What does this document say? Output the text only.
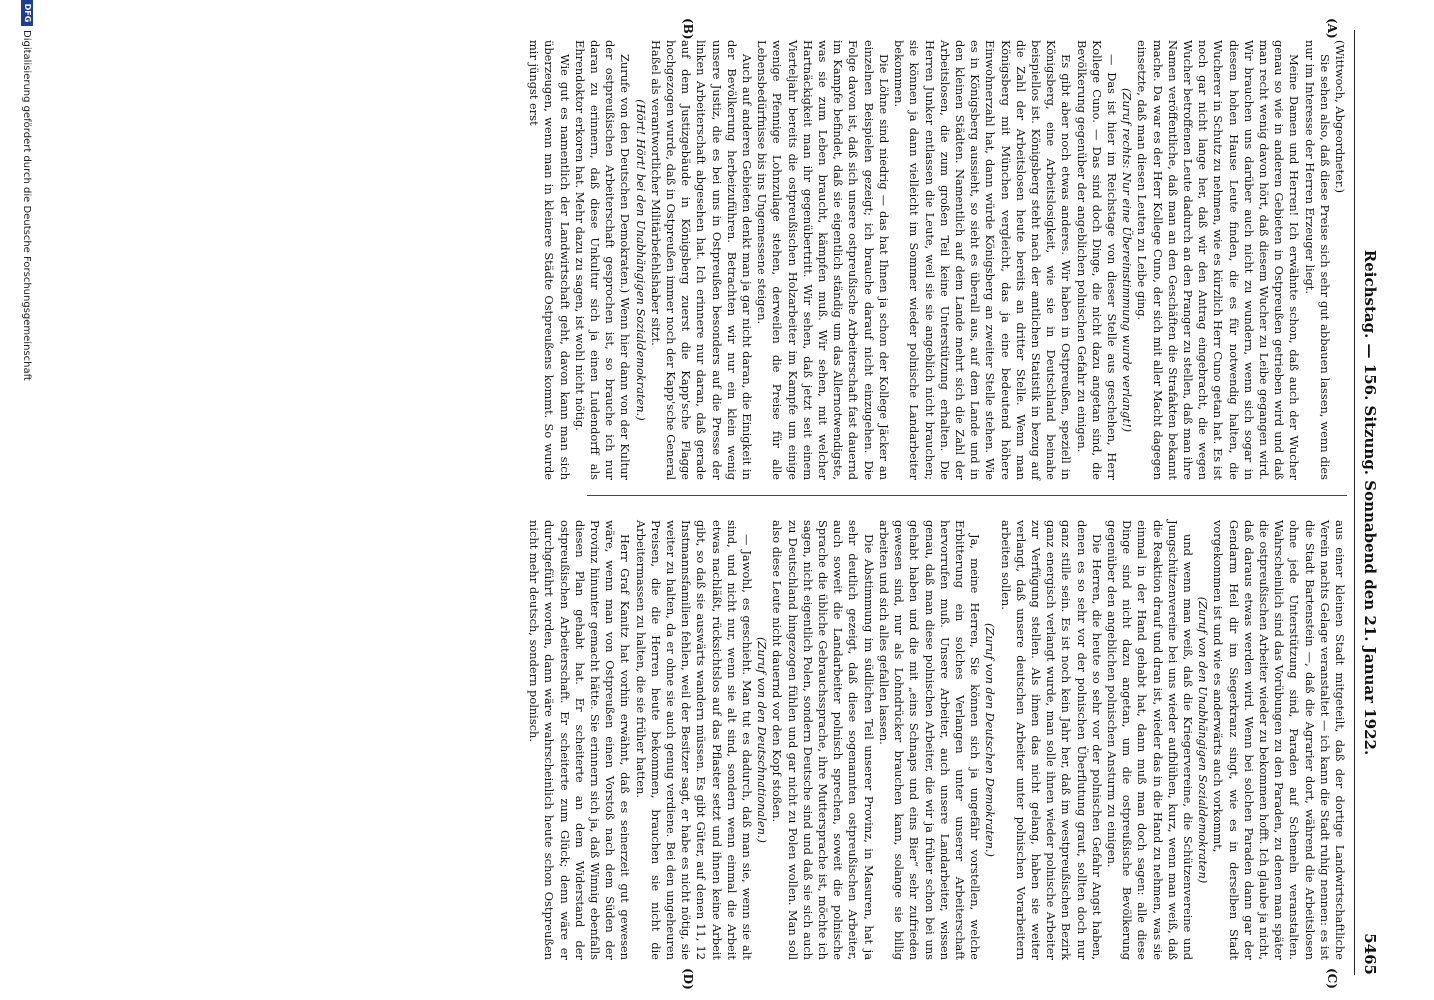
Reichstag. — 156. Sitzung. Sonnabend den 21. Januar 1922.
5465
(A)
(B)
(C)
(D)

(Wittwoch, Abgeordneter.)

Sie sehen also, daß diese Preise sich sehr gut abbauen lassen, wenn dies nur im Interesse der Herren Erzeuger liegt.

Meine Damen und Herren! Ich erwähnte schon, daß auch der Wucher genau so wie in anderen Gebieten in Ostpreußen getrieben wird und daß man recht wenig davon hört, daß diesem Wucher zu Leibe gegangen wird. Wir brauchen uns darüber auch nicht zu wundern, wenn sich sogar in diesem hohen Hause Leute finden, die es für notwendig halten, die Wucherer in Schutz zu nehmen, wie es kürzlich Herr Cuno getan hat. Es ist noch gar nicht lange her, daß wir den Antrag eingebracht, die wegen Wucher betroffenen Leute dadurch an den Pranger zu stellen, daß man ihre Namen veröffentliche, daß man an den Geschäften die Strafakten bekannt mache. Da war es der Herr Kollege Cuno, der sich mit aller Macht dagegen einsetzte, daß man diesen Leuten zu Leibe ging.

(Zuruf rechts: Nur eine Übereinstimmung wurde verlangt!)

— Das ist hier im Reichstage von dieser Stelle aus geschehen, Herr Kollege Cuno. — Das sind doch Dinge, die nicht dazu angetan sind, die Bevölkerung gegenüber der angeblichen polnischen Gefahr zu einigen.

Es gibt aber noch etwas anderes. Wir haben in Ostpreußen, speziell in Königsberg, eine Arbeitslosigkeit, wie sie in Deutschland beinahe beispiellos ist. Königsberg steht nach der amtlichen Statistik in bezug auf die Zahl der Arbeitslosen heute bereits an dritter Stelle. Wenn man Königsberg mit München vergleicht, das ja eine bedeutend höhere Einwohnerzahl hat, dann würde Königsberg an zweiter Stelle stehen. Wie es in Königsberg aussieht, so sieht es überall aus, auf dem Lande und in den kleinen Städten. Namentlich auf dem Lande mehrt sich die Zahl der Arbeitslosen, die zum großen Teil keine Unterstützung erhalten. Die Herren Junker entlassen die Leute, weil sie sie angeblich nicht brauchen; sie können ja dann vielleicht im Sommer wieder polnische Landarbeiter bekommen.

Die Löhne sind niedrig — das hat Ihnen ja schon der Kollege Jäcker an einzelnen Beispielen gezeigt; ich brauche darauf nicht einzugehen. Die Folge davon ist, daß sich unsere ostpreußische Arbeiterschaft fast dauernd im Kampfe befindet, daß sie eigentlich ständig um das Allernotwendigste, was sie zum Leben braucht, kämpfen muß. Wir sehen, mit welcher Hartnäckigkeit man ihr gegenübertritt. Wir sehen, daß jetzt seit einem Vierteljahr bereits die ostpreußischen Holzarbeiter im Kampfe um einige wenige Pfennige Lohnzulage stehen, derweilen die Preise für alle Lebensbedürfnisse bis ins Ungemessene steigen.

Auch auf anderen Gebieten denkt man ja gar nicht daran, die Einigkeit in der Bevölkerung herbeizuführen. Betrachten wir nur ein klein wenig unsere Justiz, die es bei uns in Ostpreußen besonders auf die Presse der linken Arbeiterschaft abgesehen hat. Ich erinnere nur daran, daß gerade auf dem Justizgebäude in Königsberg zuerst die Kapp'sche Flagge hochgezogen wurde, daß in Ostpreußen immer noch der Kapp'sche General Haßel als verantwortlicher Militärbefehlshaber sitzt.

(Hört! Hört! bei den Unabhängigen Sozialdemokraten.)

Zurufe von den Deutschen Demokraten.) Wenn hier dann von der Kultur der ostpreußischen Arbeiterschaft gesprochen ist, so brauche ich nur daran zu erinnern, daß diese Unkultur sich ja einen Ludendorff als Ehrendoktor erkoren hat. Mehr dazu zu sagen, ist wohl nicht nötig.

Wie gut es namentlich der Landwirtschaft geht, davon kann man sich überzeugen, wenn man in kleinere Städte Ostpreußens kommt. So wurde mir jüngst erst

aus einer kleinen Stadt mitgeteilt, daß der dortige Landwirtschaftliche Verein nachts Gelage veranstaltet — ich kann die Stadt ruhig nennen: es ist die Stadt Bartenstein —, daß die Agrarier dort, während die Arbeitslosen ohne jede Unterstützung sind, Paraden auf Schemeln veranstalten. Wahrscheinlich sind das Vorübungen zu den Paraden, zu denen man später die ostpreußischen Arbeiter wieder zu bekommen hofft. Ich glaube ja nicht, daß daraus etwas werden wird. Wenn bei solchen Paraden dann gar der Gendarm Heil dir im Siegerkranz singt, wie es in derselben Stadt vorgekommen ist und wie es anderwärts auch vorkommt,

(Zuruf von den Unabhängigen Sozialdemokraten)

und wenn man weiß, daß die Kriegervereine, die Schützenvereine und Jungschützenvereine bei uns wieder aufblühen, kurz, wenn man weiß, daß die Reaktion drauf und dran ist, wieder das in die Hand zu nehmen, was sie einmal in der Hand gehabt hat, dann muß man doch sagen: alle diese Dinge sind nicht dazu angetan, um die ostpreußische Bevölkerung gegenüber den angeblichen polnischen Ansturm zu einigen.

Die Herren, die heute so sehr vor der polnischen Gefahr Angst haben, denen es so sehr vor der polnischen Überflutung graut, sollten doch nur ganz stille sein. Es ist noch kein Jahr her, daß im westpreußischen Bezirk ganz energisch verlangt wurde, man solle ihnen wieder polnische Arbeiter zur Verfügung stellen. Als ihnen das nicht gelang, haben sie weiter verlangt, daß unsere deutschen Arbeiter unter polnischen Vorarbeitern arbeiten sollen.

(Zuruf von den Deutschen Demokraten.)

Ja, meine Herren, Sie können sich ja ungefähr vorstellen, welche Erbitterung ein solches Verlangen unter unserer Arbeiterschaft hervorrufen muß. Unsere Arbeiter, auch unsere Landarbeiter, wissen genau, daß man diese polnischen Arbeiter, die wir ja früher schon bei uns gehabt haben und die mit „eins Schnaps und eins Bier“ sehr zufrieden gewesen sind, nur als Lohndrücker brauchen kann, solange sie billig arbeiten und sich alles gefallen lassen.

Die Abstimmung im südlichen Teil unserer Provinz, in Masuren, hat ja sehr deutlich gezeigt, daß diese sogenannten ostpreußischen Arbeiter, auch soweit die Landarbeiter polnisch sprechen, soweit die polnische Sprache die übliche Gebrauchssprache, ihre Muttersprache ist, möchte ich sagen, nicht eigentlich Polen, sondern Deutsche sind und daß sie sich auch zu Deutschland hingezogen fühlen und gar nicht zu Polen wollen. Man soll also diese Leute nicht dauernd vor den Kopf stoßen.

(Zuruf von den Deutschnationalen.)

— Jawohl, es geschieht. Man tut es dadurch, daß man sie, wenn sie alt sind, und nicht nur, wenn sie alt sind, sondern wenn einmal die Arbeit etwas nachläßt, rücksichtslos auf das Pflaster setzt und ihnen keine Arbeit gibt, so daß sie auswärts wandern müssen. Es gibt Güter, auf denen 11, 12 Instmannsfamilien fehlen, weil der Besitzer sagt, er habe es nicht nötig, sie weiter zu halten, da er ohne sie auch genug verdiene. Bei den ungeheuren Preisen, die die Herren heute bekommen, brauchen sie nicht die Arbeitermassen zu halten, die sie früher hatten.

Herr Graf Kanitz hat vorhin erwähnt, daß es seinerzeit gut gewesen wäre, wenn man von Ostpreußen einen Vorstoß nach dem Süden der Provinz hinunter gemacht hätte. Sie erinnern sich ja, daß Winnig ebenfalls diesen Plan gehabt hat. Er scheiterte an dem Widerstand der ostpreußischen Arbeiterschaft. Er scheiterte zum Glück; denn wäre er durchgeführt worden, dann wäre wahrscheinlich heute schon Ostpreußen nicht mehr deutsch, sondern polnisch.

DFGDigitalisierung gefördert durch die Deutsche Forschungsgemeinschaft
